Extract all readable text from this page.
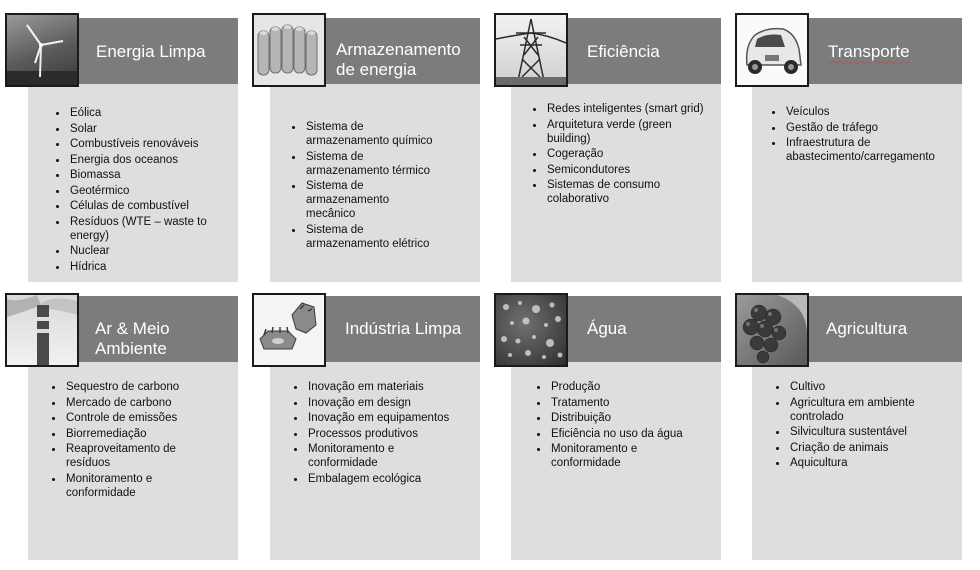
Energia Limpa
• Eólica
• Solar
• Combustíveis renováveis
• Energia dos oceanos
• Biomassa
• Geotérmico
• Células de combustível
• Resíduos (WTE – waste to energy)
• Nuclear
• Hídrica
Armazenamento de energia
• Sistema de armazenamento químico
• Sistema de armazenamento térmico
• Sistema de armazenamento mecânico
• Sistema de armazenamento elétrico
Eficiência
• Redes inteligentes (smart grid)
• Arquitetura verde (green building)
• Cogeração
• Semicondutores
• Sistemas de consumo colaborativo
Transporte
• Veículos
• Gestão de tráfego
• Infraestrutura de abastecimento/carregamento
Ar & Meio Ambiente
• Sequestro de carbono
• Mercado de carbono
• Controle de emissões
• Biorremediação
• Reaproveitamento de resíduos
• Monitoramento e conformidade
Indústria Limpa
• Inovação em materiais
• Inovação em design
• Inovação em equipamentos
• Processos produtivos
• Monitoramento e conformidade
• Embalagem ecológica
Água
• Produção
• Tratamento
• Distribuição
• Eficiência no uso da água
• Monitoramento e conformidade
Agricultura
• Cultivo
• Agricultura em ambiente controlado
• Silvicultura sustentável
• Criação de animais
• Aquicultura
